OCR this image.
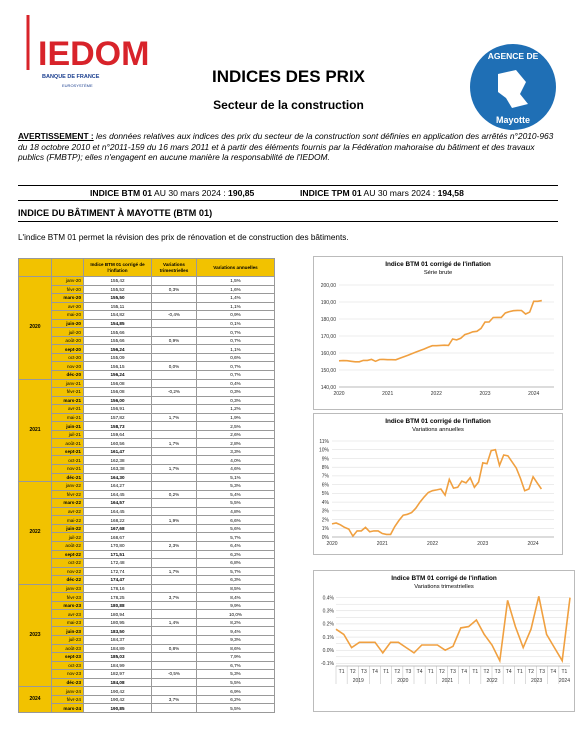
IEDOM
BANQUE DE FRANCE
EUROSYSTÈME
AGENCE DE
Mayotte
INDICES DES PRIX
Secteur de la construction
AVERTISSEMENT : les données relatives aux indices des prix du secteur de la construction sont définies en application des arrêtés n°2010-963 du 18 octobre 2010 et n°2011-159 du 16 mars 2011 et à partir des éléments fournis par la Fédération mahoraise du bâtiment et des travaux publics (FMBTP); elles n'engagent en aucune manière la responsabilité de l'IEDOM.
INDICE BTM 01 AU 30 mars 2024 : 190,85	INDICE TPM 01 AU 30 mars 2024 : 194,58
INDICE DU BÂTIMENT À MAYOTTE (BTM 01)
L'indice BTM 01 permet la révision des prix de rénovation et de construction des bâtiments.
		Indice BTM 01 corrigé de l'inflation	Variations trimestrielles	Variations annuelles
2020	janv-20	155,42		1,5%
	févr-20	155,52	0,3%	1,6%
	mars-20	155,50		1,4%
	avr-20	155,11		1,1%
	mai-20	154,82	-0,4%	0,9%
	juin-20	154,85		0,1%
	juil-20	155,66		0,7%
	août-20	155,66	0,9%	0,7%
	sept-20	156,24		1,1%
	oct-20	155,09		0,6%
	nov-20	156,15	0,0%	0,7%
	déc-20	156,24		0,7%
2021	janv-21	156,08		0,4%
	févr-21	156,08	-0,2%	0,3%
	mars-21	156,00		0,3%
	avr-21	156,91		1,2%
	mai-21	157,82	1,7%	1,9%
	juin-21	158,73		2,5%
	juil-21	159,64		2,6%
	août-21	160,56	1,7%	2,8%
	sept-21	161,47		3,3%
	oct-21	162,38		4,0%
	nov-21	163,38	1,7%	4,6%
	déc-21	164,30		5,1%
2022	janv-22	164,27		5,3%
	févr-22	164,45	0,2%	5,4%
	mars-22	164,57		5,5%
	avr-22	164,45		4,8%
	mai-22	168,22	1,9%	6,6%
	juin-22	167,68		5,6%
	juil-22	168,67		5,7%
	août-22	170,80	2,3%	6,4%
	sept-22	171,51		6,2%
	oct-22	172,48		6,8%
	nov-22	172,74	1,7%	5,7%
	déc-22	174,47		6,3%
2023	janv-23	178,16		8,5%
	févr-23	178,25	3,7%	8,4%
	mars-23	180,88		9,9%
	avr-23	180,94		10,0%
	mai-23	180,95	1,4%	8,2%
	juin-23	183,50		9,4%
	juil-23	184,37		9,3%
	août-23	184,89	0,8%	8,6%
	sept-23	185,03		7,9%
	oct-23	184,99		6,7%
	nov-23	182,97	-0,5%	5,3%
	déc-23	184,08		5,5%
2024	janv-24	190,42		6,9%
	févr-24	190,42	3,7%	6,2%
	mars-24	190,85		5,5%
Indice BTM 01 corrigé de l'inflation
Série brute
140,00
150,00
160,00
170,00
180,00
190,00
200,00
2020	2021	2022	2023	2024
Indice BTM 01 corrigé de l'inflation
Variations annuelles
0%
1%
2%
3%
4%
5%
6%
7%
8%
9%
10%
11%
2020	2021	2022	2023	2024
Indice BTM 01 corrigé de l'inflation
Variations trimestrielles
-0.1%
0.0%
0.1%
0.2%
0.3%
0.4%
T1 T2 T3 T4 T1 T2 T3 T4 T1 T2 T3 T4 T1 T2 T3 T4 T1 T2 T3 T4 T1
2019	2020	2021	2022	2023	2024
